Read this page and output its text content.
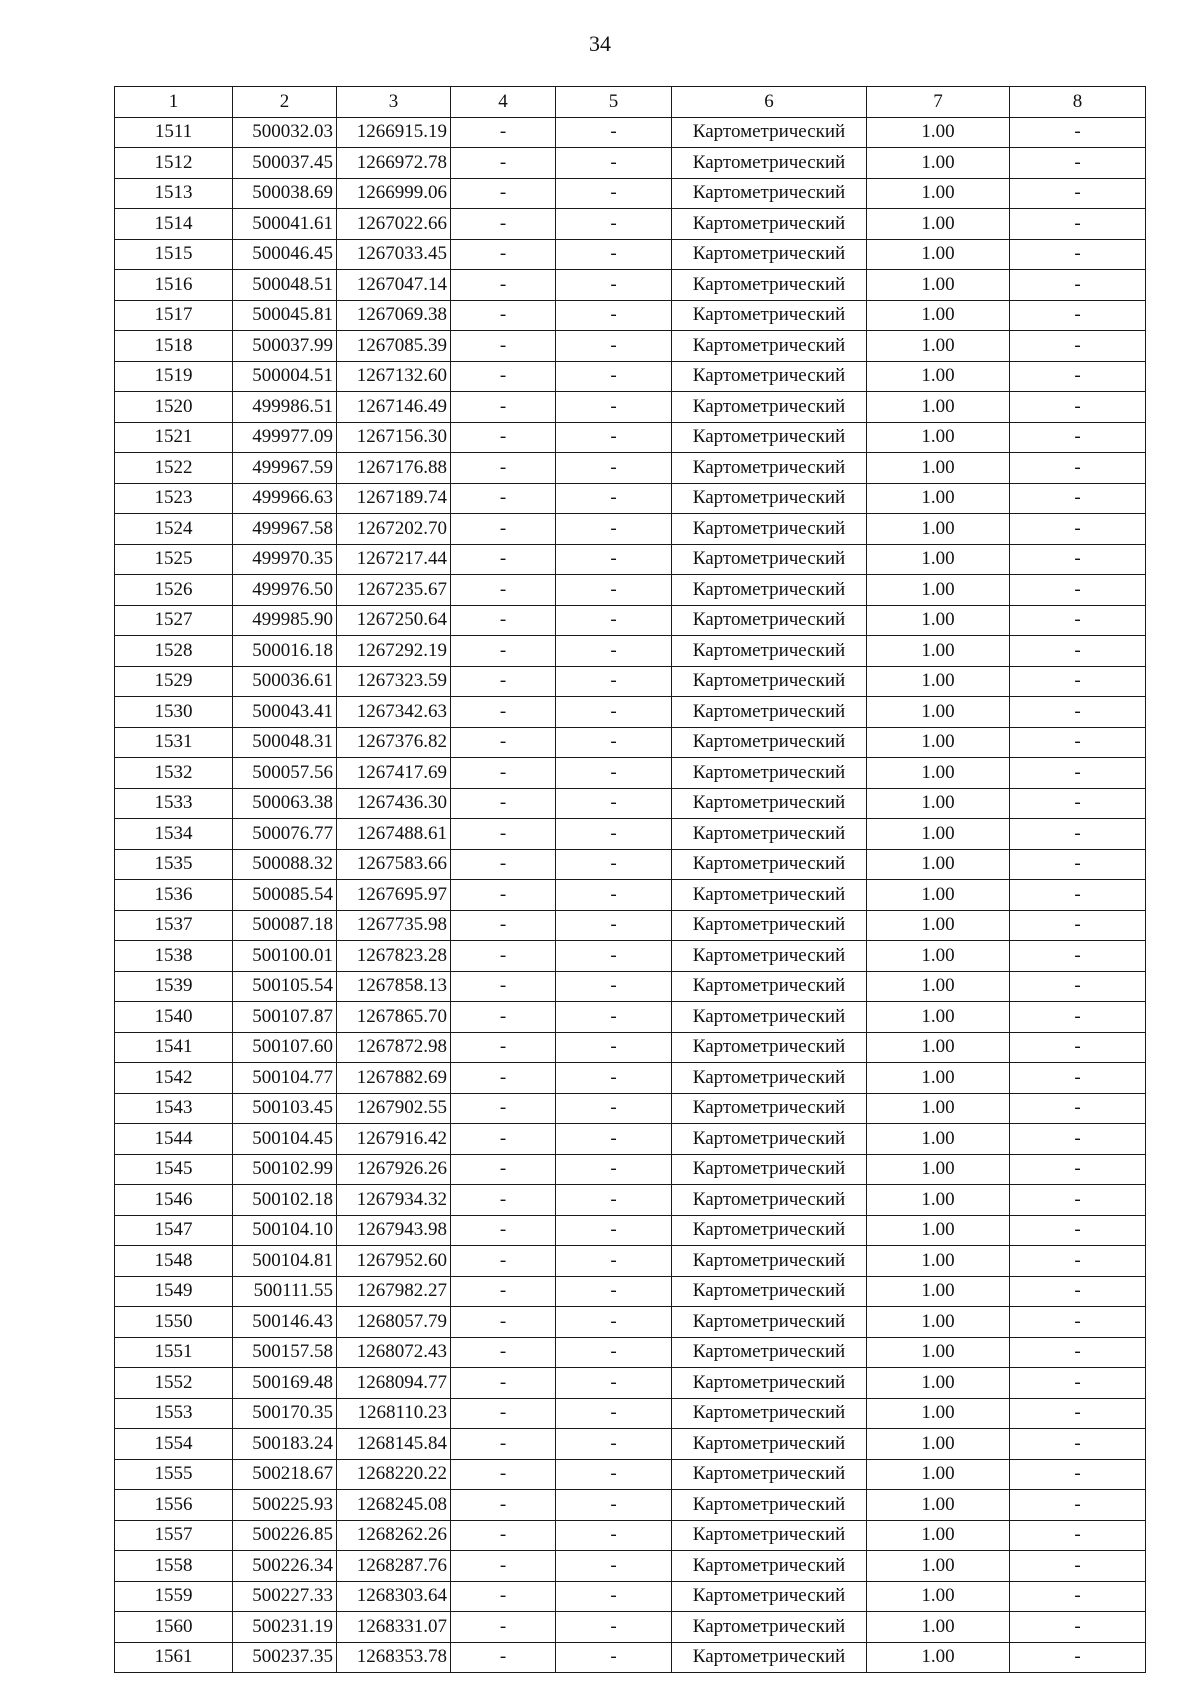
34
1	2	3	4	5	6	7	8
1511	500032.03	1266915.19	-	-	Картометрический	1.00	-
1512	500037.45	1266972.78	-	-	Картометрический	1.00	-
1513	500038.69	1266999.06	-	-	Картометрический	1.00	-
1514	500041.61	1267022.66	-	-	Картометрический	1.00	-
1515	500046.45	1267033.45	-	-	Картометрический	1.00	-
1516	500048.51	1267047.14	-	-	Картометрический	1.00	-
1517	500045.81	1267069.38	-	-	Картометрический	1.00	-
1518	500037.99	1267085.39	-	-	Картометрический	1.00	-
1519	500004.51	1267132.60	-	-	Картометрический	1.00	-
1520	499986.51	1267146.49	-	-	Картометрический	1.00	-
1521	499977.09	1267156.30	-	-	Картометрический	1.00	-
1522	499967.59	1267176.88	-	-	Картометрический	1.00	-
1523	499966.63	1267189.74	-	-	Картометрический	1.00	-
1524	499967.58	1267202.70	-	-	Картометрический	1.00	-
1525	499970.35	1267217.44	-	-	Картометрический	1.00	-
1526	499976.50	1267235.67	-	-	Картометрический	1.00	-
1527	499985.90	1267250.64	-	-	Картометрический	1.00	-
1528	500016.18	1267292.19	-	-	Картометрический	1.00	-
1529	500036.61	1267323.59	-	-	Картометрический	1.00	-
1530	500043.41	1267342.63	-	-	Картометрический	1.00	-
1531	500048.31	1267376.82	-	-	Картометрический	1.00	-
1532	500057.56	1267417.69	-	-	Картометрический	1.00	-
1533	500063.38	1267436.30	-	-	Картометрический	1.00	-
1534	500076.77	1267488.61	-	-	Картометрический	1.00	-
1535	500088.32	1267583.66	-	-	Картометрический	1.00	-
1536	500085.54	1267695.97	-	-	Картометрический	1.00	-
1537	500087.18	1267735.98	-	-	Картометрический	1.00	-
1538	500100.01	1267823.28	-	-	Картометрический	1.00	-
1539	500105.54	1267858.13	-	-	Картометрический	1.00	-
1540	500107.87	1267865.70	-	-	Картометрический	1.00	-
1541	500107.60	1267872.98	-	-	Картометрический	1.00	-
1542	500104.77	1267882.69	-	-	Картометрический	1.00	-
1543	500103.45	1267902.55	-	-	Картометрический	1.00	-
1544	500104.45	1267916.42	-	-	Картометрический	1.00	-
1545	500102.99	1267926.26	-	-	Картометрический	1.00	-
1546	500102.18	1267934.32	-	-	Картометрический	1.00	-
1547	500104.10	1267943.98	-	-	Картометрический	1.00	-
1548	500104.81	1267952.60	-	-	Картометрический	1.00	-
1549	500111.55	1267982.27	-	-	Картометрический	1.00	-
1550	500146.43	1268057.79	-	-	Картометрический	1.00	-
1551	500157.58	1268072.43	-	-	Картометрический	1.00	-
1552	500169.48	1268094.77	-	-	Картометрический	1.00	-
1553	500170.35	1268110.23	-	-	Картометрический	1.00	-
1554	500183.24	1268145.84	-	-	Картометрический	1.00	-
1555	500218.67	1268220.22	-	-	Картометрический	1.00	-
1556	500225.93	1268245.08	-	-	Картометрический	1.00	-
1557	500226.85	1268262.26	-	-	Картометрический	1.00	-
1558	500226.34	1268287.76	-	-	Картометрический	1.00	-
1559	500227.33	1268303.64	-	-	Картометрический	1.00	-
1560	500231.19	1268331.07	-	-	Картометрический	1.00	-
1561	500237.35	1268353.78	-	-	Картометрический	1.00	-
